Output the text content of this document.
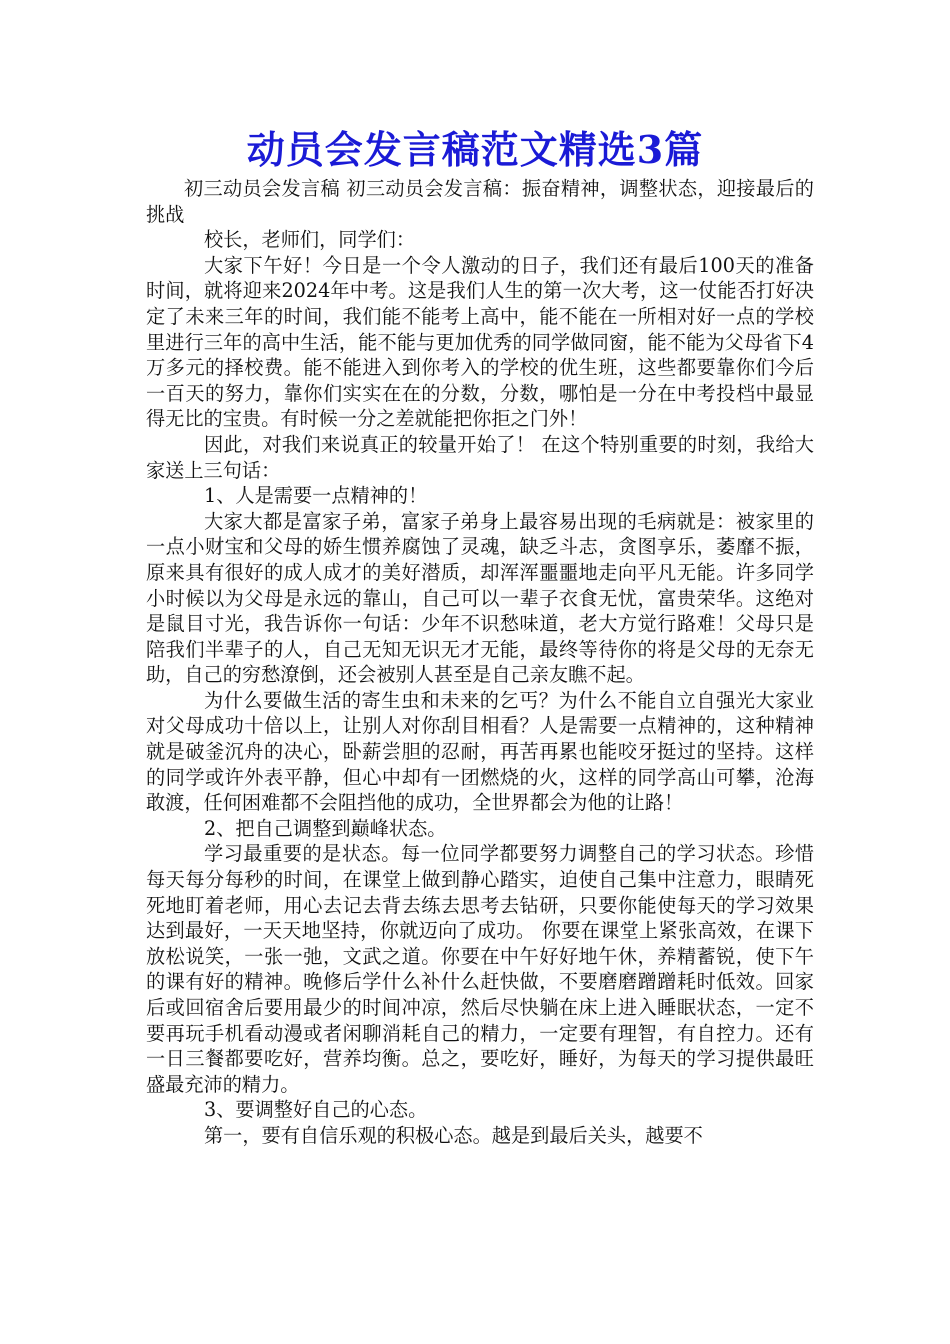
动员会发言稿范文精选3篇

初三动员会发言稿 初三动员会发言稿：振奋精神，调整状态，迎接最后的挑战

校长，老师们，同学们：

大家下午好！今日是一个令人激动的日子，我们还有最后100天的准备时间，就将迎来2024年中考。这是我们人生的第一次大考，这一仗能否打好决定了未来三年的时间，我们能不能考上高中，能不能在一所相对好一点的学校里进行三年的高中生活，能不能与更加优秀的同学做同窗，能不能为父母省下4万多元的择校费。能不能进入到你考入的学校的优生班，这些都要靠你们今后一百天的努力，靠你们实实在在的分数，分数，哪怕是一分在中考投档中最显得无比的宝贵。有时候一分之差就能把你拒之门外！

因此，对我们来说真正的较量开始了！ 在这个特别重要的时刻，我给大家送上三句话：

1、人是需要一点精神的！

大家大都是富家子弟，富家子弟身上最容易出现的毛病就是：被家里的一点小财宝和父母的娇生惯养腐蚀了灵魂，缺乏斗志，贪图享乐，萎靡不振，原来具有很好的成人成才的美好潜质，却浑浑噩噩地走向平凡无能。许多同学小时候以为父母是永远的靠山，自己可以一辈子衣食无忧，富贵荣华。这绝对是鼠目寸光，我告诉你一句话：少年不识愁味道，老大方觉行路难！父母只是陪我们半辈子的人，自己无知无识无才无能，最终等待你的将是父母的无奈无助，自己的穷愁潦倒，还会被别人甚至是自己亲友瞧不起。

为什么要做生活的寄生虫和未来的乞丐？为什么不能自立自强光大家业对父母成功十倍以上，让别人对你刮目相看？人是需要一点精神的，这种精神就是破釜沉舟的决心，卧薪尝胆的忍耐，再苦再累也能咬牙挺过的坚持。这样的同学或许外表平静，但心中却有一团燃烧的火，这样的同学高山可攀，沧海敢渡，任何困难都不会阻挡他的成功，全世界都会为他的让路！

2、把自己调整到巅峰状态。

学习最重要的是状态。每一位同学都要努力调整自己的学习状态。珍惜每天每分每秒的时间，在课堂上做到静心踏实，迫使自己集中注意力，眼睛死死地盯着老师，用心去记去背去练去思考去钻研，只要你能使每天的学习效果达到最好，一天天地坚持，你就迈向了成功。 你要在课堂上紧张高效，在课下放松说笑，一张一弛，文武之道。你要在中午好好地午休，养精蓄锐，使下午的课有好的精神。晚修后学什么补什么赶快做，不要磨磨蹭蹭耗时低效。回家后或回宿舍后要用最少的时间冲凉，然后尽快躺在床上进入睡眠状态，一定不要再玩手机看动漫或者闲聊消耗自己的精力，一定要有理智，有自控力。还有一日三餐都要吃好，营养均衡。总之，要吃好，睡好，为每天的学习提供最旺盛最充沛的精力。

3、要调整好自己的心态。

第一，要有自信乐观的积极心态。越是到最后关头，越要不
